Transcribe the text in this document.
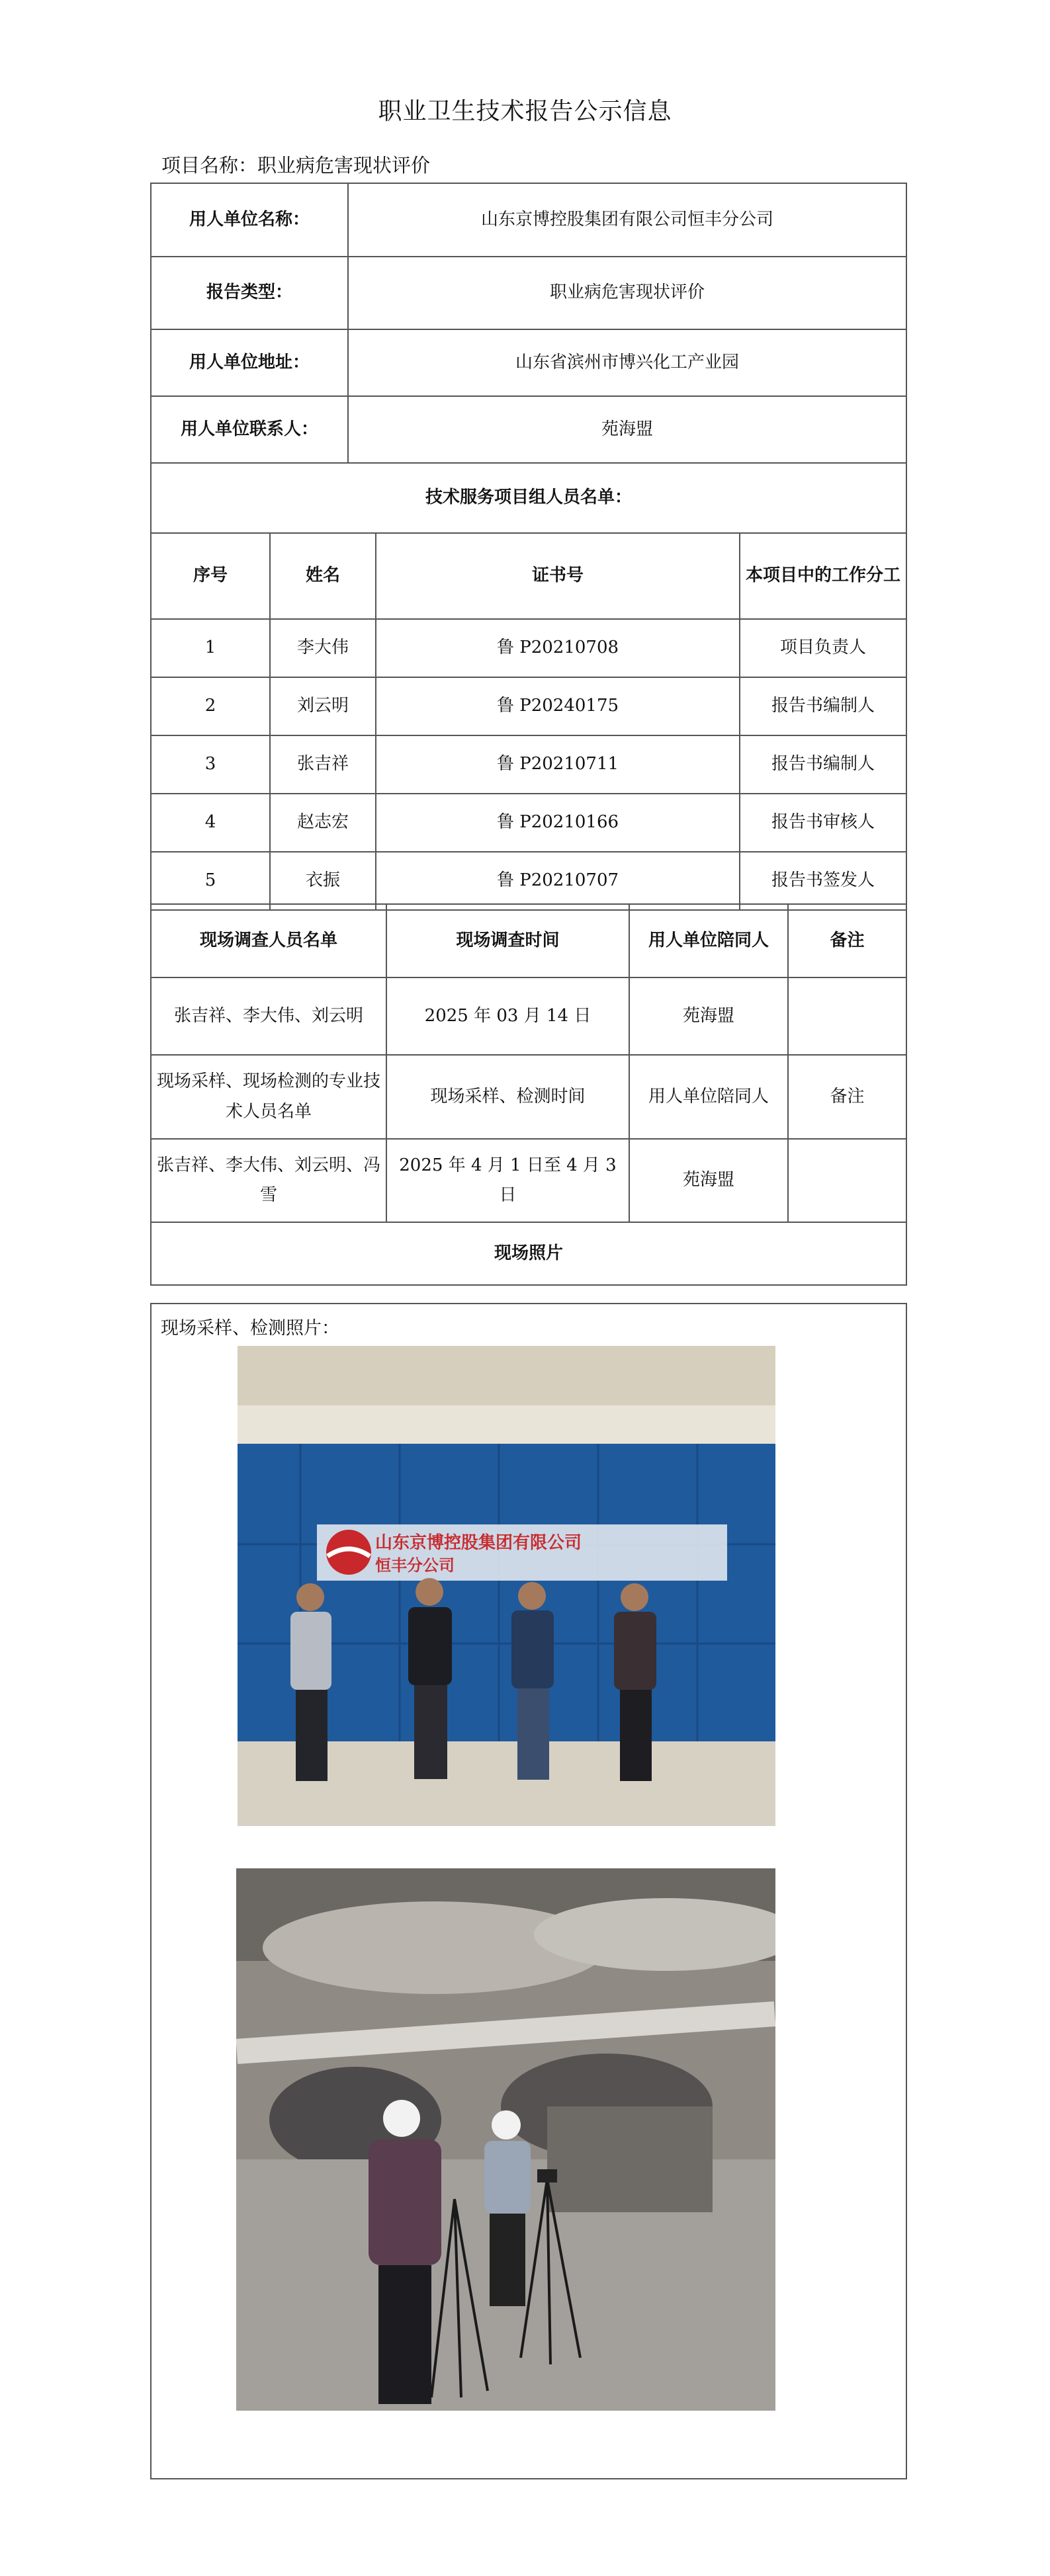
职业卫生技术报告公示信息
项目名称：职业病危害现状评价
用人单位名称：		山东京博控股集团有限公司恒丰分公司		
报告类型：		职业病危害现状评价		
用人单位地址：		山东省滨州市博兴化工产业园		
用人单位联系人：		苑海盟		
技术服务项目组人员名单：				
序号	姓名		证书号	本项目中的工作分工
1	李大伟		鲁 P20210708	项目负责人
2	刘云明		鲁 P20240175	报告书编制人
3	张吉祥		鲁 P20210711	报告书编制人
4	赵志宏		鲁 P20210166	报告书审核人
5	衣振		鲁 P20210707	报告书签发人
现场调查人员名单	现场调查时间	用人单位陪同人	备注
张吉祥、李大伟、刘云明	2025 年 03 月 14 日	苑海盟	
现场采样、现场检测的专业技术人员名单	现场采样、检测时间	用人单位陪同人	备注
张吉祥、李大伟、刘云明、冯雪	2025 年 4 月 1 日至 4 月 3 日	苑海盟	
现场照片			
现场采样、检测照片：
山东京博控股集团有限公司
恒丰分公司
